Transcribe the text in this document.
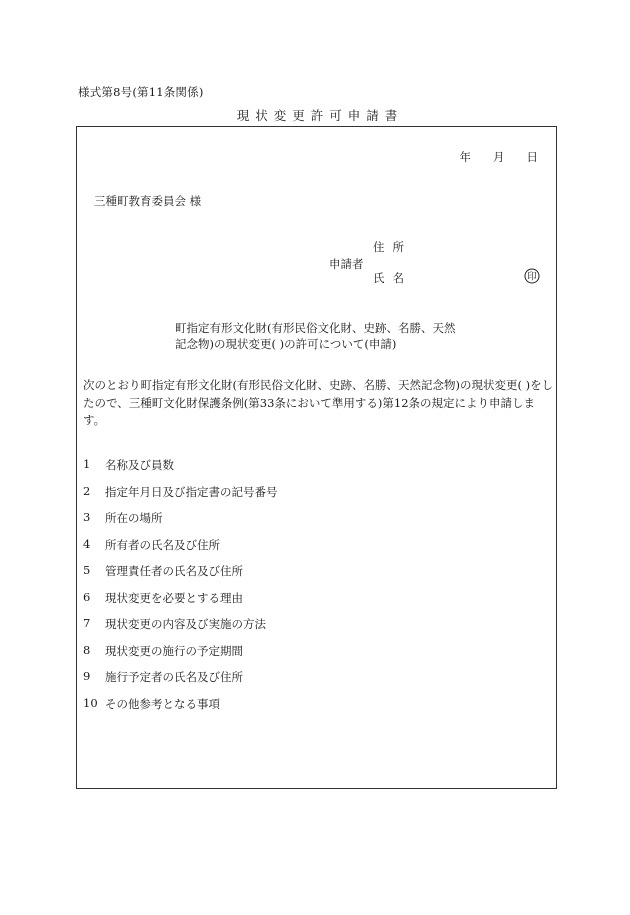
様式第8号(第11条関係)
現状変更許可申請書
年 月 日
三種町教育委員会 様
住所
申請者
氏名	印
町指定有形文化財(有形民俗文化財、史跡、名勝、天然
記念物)の現状変更( )の許可について(申請)
次のとおり町指定有形文化財(有形民俗文化財、史跡、名勝、天然記念物)の現状変更( )をしたので、三種町文化財保護条例(第33条において準用する)第12条の規定により申請します。
1	名称及び員数
2	指定年月日及び指定書の記号番号
3	所在の場所
4	所有者の氏名及び住所
5	管理責任者の氏名及び住所
6	現状変更を必要とする理由
7	現状変更の内容及び実施の方法
8	現状変更の施行の予定期間
9	施行予定者の氏名及び住所
10 その他参考となる事項
